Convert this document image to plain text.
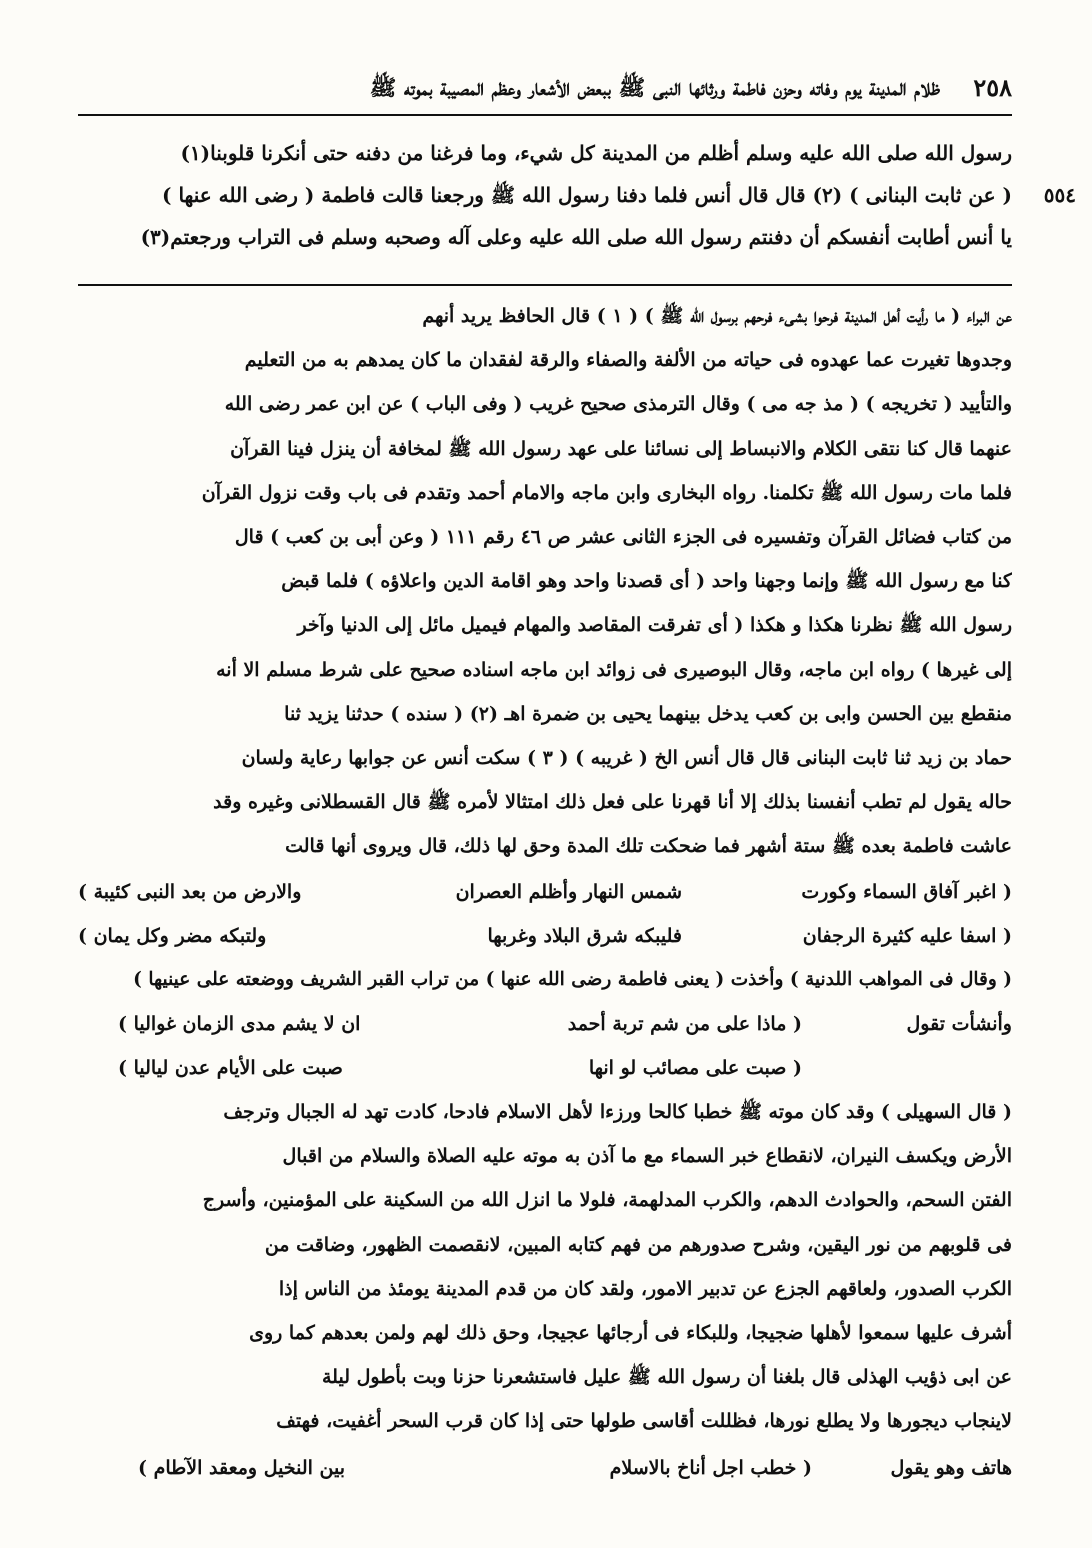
٢٥٨
ظلام المدينة يوم وفاته وحزن فاطمة ورثائها النبى ﷺ ببعض الأشعار وعظم المصيبة بموته ﷺ
٥٥٤
رسول الله صلى الله عليه وسلم أظلم من المدينة كل شيء، وما فرغنا من دفنه حتى أنكرنا قلوبنا(١)
( عن ثابت البنانى ) (٢) قال قال أنس فلما دفنا رسول الله ﷺ ورجعنا قالت فاطمة ( رضى الله عنها )
يا أنس أطابت أنفسكم أن دفنتم رسول الله صلى الله عليه وعلى آله وصحبه وسلم فى التراب ورجعتم(٣)
عن البراء ( ما رأيت أهل المدينة فرحوا بشىء فرحهم برسول الله ﷺ ) ( ١ ) قال الحافظ يريد أنهم
وجدوها تغيرت عما عهدوه فى حياته من الألفة والصفاء والرقة لفقدان ما كان يمدهم به من التعليم
والتأييد ( تخريجه ) ( مذ جه مى ) وقال الترمذى صحيح غريب ( وفى الباب ) عن ابن عمر رضى الله
عنهما قال كنا نتقى الكلام والانبساط إلى نسائنا على عهد رسول الله ﷺ لمخافة أن ينزل فينا القرآن
فلما مات رسول الله ﷺ تكلمنا. رواه البخارى وابن ماجه والامام أحمد وتقدم فى باب وقت نزول القرآن
من كتاب فضائل القرآن وتفسيره فى الجزء الثانى عشر ص ٤٦ رقم ١١١ ( وعن أبى بن كعب ) قال
كنا مع رسول الله ﷺ وإنما وجهنا واحد ( أى قصدنا واحد وهو اقامة الدين واعلاؤه ) فلما قبض
رسول الله ﷺ نظرنا هكذا و هكذا ( أى تفرقت المقاصد والمهام فيميل مائل إلى الدنيا وآخر
إلى غيرها ) رواه ابن ماجه، وقال البوصيرى فى زوائد ابن ماجه اسناده صحيح على شرط مسلم الا أنه
منقطع بين الحسن وابى بن كعب يدخل بينهما يحيى بن ضمرة اهـ (٢) ( سنده ) حدثنا يزيد ثنا
حماد بن زيد ثنا ثابت البنانى قال قال أنس الخ ( غريبه ) ( ٣ ) سكت أنس عن جوابها رعاية ولسان
حاله يقول لم تطب أنفسنا بذلك إلا أنا قهرنا على فعل ذلك امتثالا لأمره ﷺ قال القسطلانى وغيره وقد
عاشت فاطمة بعده ﷺ ستة أشهر فما ضحكت تلك المدة وحق لها ذلك، قال ويروى أنها قالت
( اغبر آفاق السماء وكورت
شمس النهار وأظلم العصران
والارض من بعد النبى كئيبة )
( اسفا عليه كثيرة الرجفان
فليبكه شرق البلاد وغربها
ولتبكه مضر وكل يمان )
( وقال فى المواهب اللدنية ) وأخذت ( يعنى فاطمة رضى الله عنها ) من تراب القبر الشريف ووضعته على عينيها )
وأنشأت تقول
( ماذا على من شم تربة أحمد
ان لا يشم مدى الزمان غواليا )
( صبت على مصائب لو انها
صبت على الأيام عدن لياليا )
( قال السهيلى ) وقد كان موته ﷺ خطبا كالحا ورزءا لأهل الاسلام فادحا، كادت تهد له الجبال وترجف
الأرض ويكسف النيران، لانقطاع خبر السماء مع ما آذن به موته عليه الصلاة والسلام من اقبال
الفتن السحم، والحوادث الدهم، والكرب المدلهمة، فلولا ما انزل الله من السكينة على المؤمنين، وأسرج
فى قلوبهم من نور اليقين، وشرح صدورهم من فهم كتابه المبين، لانقصمت الظهور، وضاقت من
الكرب الصدور، ولعاقهم الجزع عن تدبير الامور، ولقد كان من قدم المدينة يومئذ من الناس إذا
أشرف عليها سمعوا لأهلها ضجيجا، وللبكاء فى أرجائها عجيجا، وحق ذلك لهم ولمن بعدهم كما روى
عن ابى ذؤيب الهذلى قال بلغنا أن رسول الله ﷺ عليل فاستشعرنا حزنا وبت بأطول ليلة
لاينجاب ديجورها ولا يطلع نورها، فظللت أقاسى طولها حتى إذا كان قرب السحر أغفيت، فهتف
هاتف وهو يقول
( خطب اجل أناخ بالاسلام
بين النخيل ومعقد الآطام )
